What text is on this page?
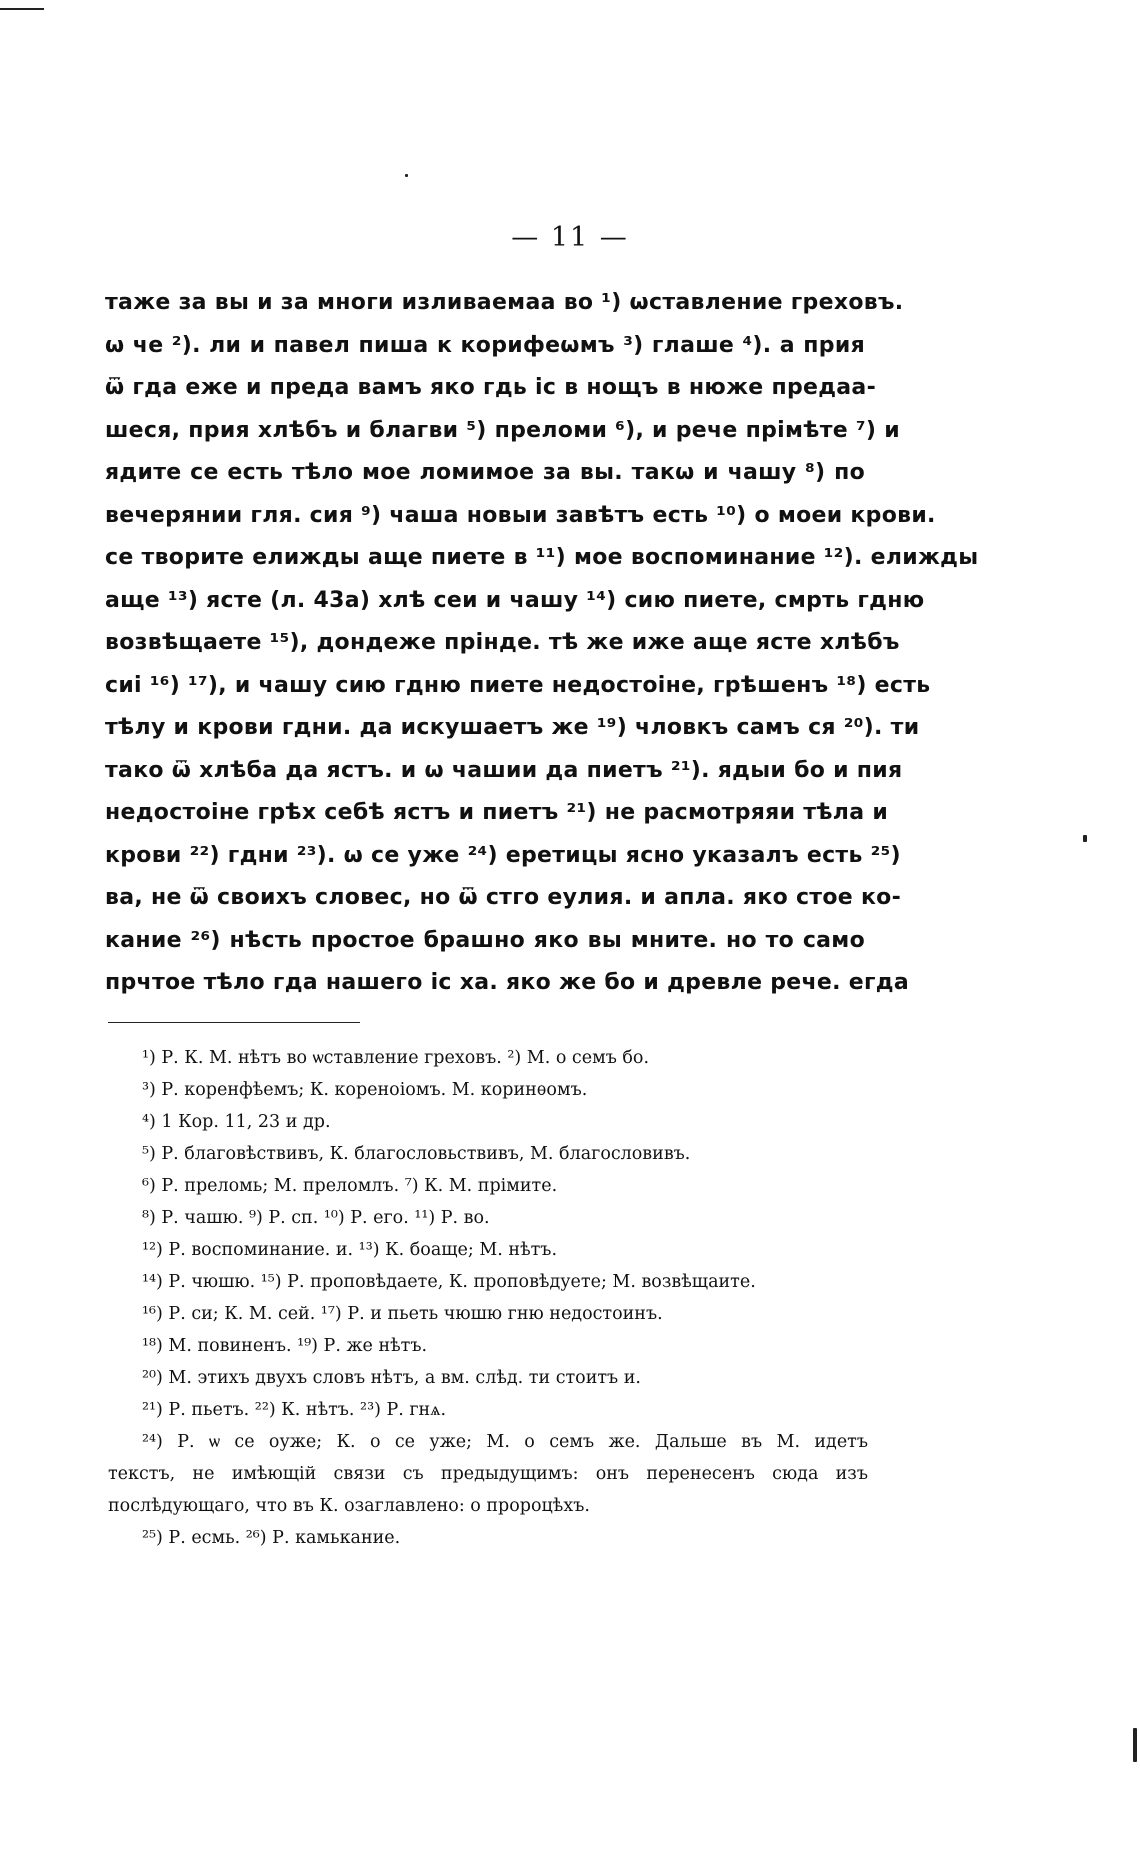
— 11 —
таже за вы и за многи изливаемаа во ¹) ѡставление греховъ.
ѡ че ²). ли и павел пиша к корифеѡмъ ³) глаше ⁴). а прия
ѿ гда еже и преда вамъ яко гдь іс в нощъ в нюже предаа-
шеся, прия хлѣбъ и благви ⁵) преломи ⁶), и рече прімѣте ⁷) и
ядите се есть тѣло мое ломимое за вы. такѡ и чашу ⁸) по
вечерянии гля. сия ⁹) чаша новыи завѣтъ есть ¹⁰) о моеи крови.
се творите елижды аще пиете в ¹¹) мое воспоминание ¹²). елижды
аще ¹³) ясте (л. 43а) хлѣ сеи и чашу ¹⁴) сию пиете, смрть гдню
возвѣщаете ¹⁵), дондеже прінде. тѣ же иже аще ясте хлѣбъ
сиі ¹⁶) ¹⁷), и чашу сию гдню пиете недостоіне, грѣшенъ ¹⁸) есть
тѣлу и крови гдни. да искушаетъ же ¹⁹) чловкъ самъ ся ²⁰). ти
тако ѿ хлѣба да ястъ. и ѡ чашии да пиетъ ²¹). ядыи бо и пия
недостоіне грѣх себѣ ястъ и пиетъ ²¹) не расмотряяи тѣла и
крови ²²) гдни ²³). ѡ се уже ²⁴) еретицы ясно указалъ есть ²⁵)
ва, не ѿ своихъ словес, но ѿ стго еулия. и апла. яко стое ко-
кание ²⁶) нѣсть простое брашно яко вы мните. но то само
прчтое тѣло гда нашего іс ха. яко же бо и древле рече. егда
¹) Р. К. М. нѣтъ во ѡставление греховъ. ²) М. о семъ бо.
³) Р. коренфѣемъ; К. кореноіомъ. М. коринѳомъ.
⁴) 1 Кор. 11, 23 и др.
⁵) Р. благовѣствивъ, К. благословьствивъ, М. благословивъ.
⁶) Р. преломь; М. преломлъ. ⁷) К. М. прімите.
⁸) Р. чашю. ⁹) Р. сп. ¹⁰) Р. его. ¹¹) Р. во.
¹²) Р. воспоминание. и. ¹³) К. боаще; М. нѣтъ.
¹⁴) Р. чюшю. ¹⁵) Р. проповѣдаете, К. проповѣдуете; М. возвѣщаите.
¹⁶) Р. си; К. М. сей. ¹⁷) Р. и пьеть чюшю гню недостоинъ.
¹⁸) М. повиненъ. ¹⁹) Р. же нѣтъ.
²⁰) М. этихъ двухъ словъ нѣтъ, а вм. слѣд. ти стоитъ и.
²¹) Р. пьетъ. ²²) К. нѣтъ. ²³) Р. гнѧ.
²⁴) Р. ѡ се оуже; К. о се уже; М. о семъ же. Дальше въ М. идетъ
текстъ, не имѣющій связи съ предыдущимъ: онъ перенесенъ сюда изъ
послѣдующаго, что въ К. озаглавлено: о пророцѣхъ.
²⁵) Р. есмь. ²⁶) Р. камькание.
